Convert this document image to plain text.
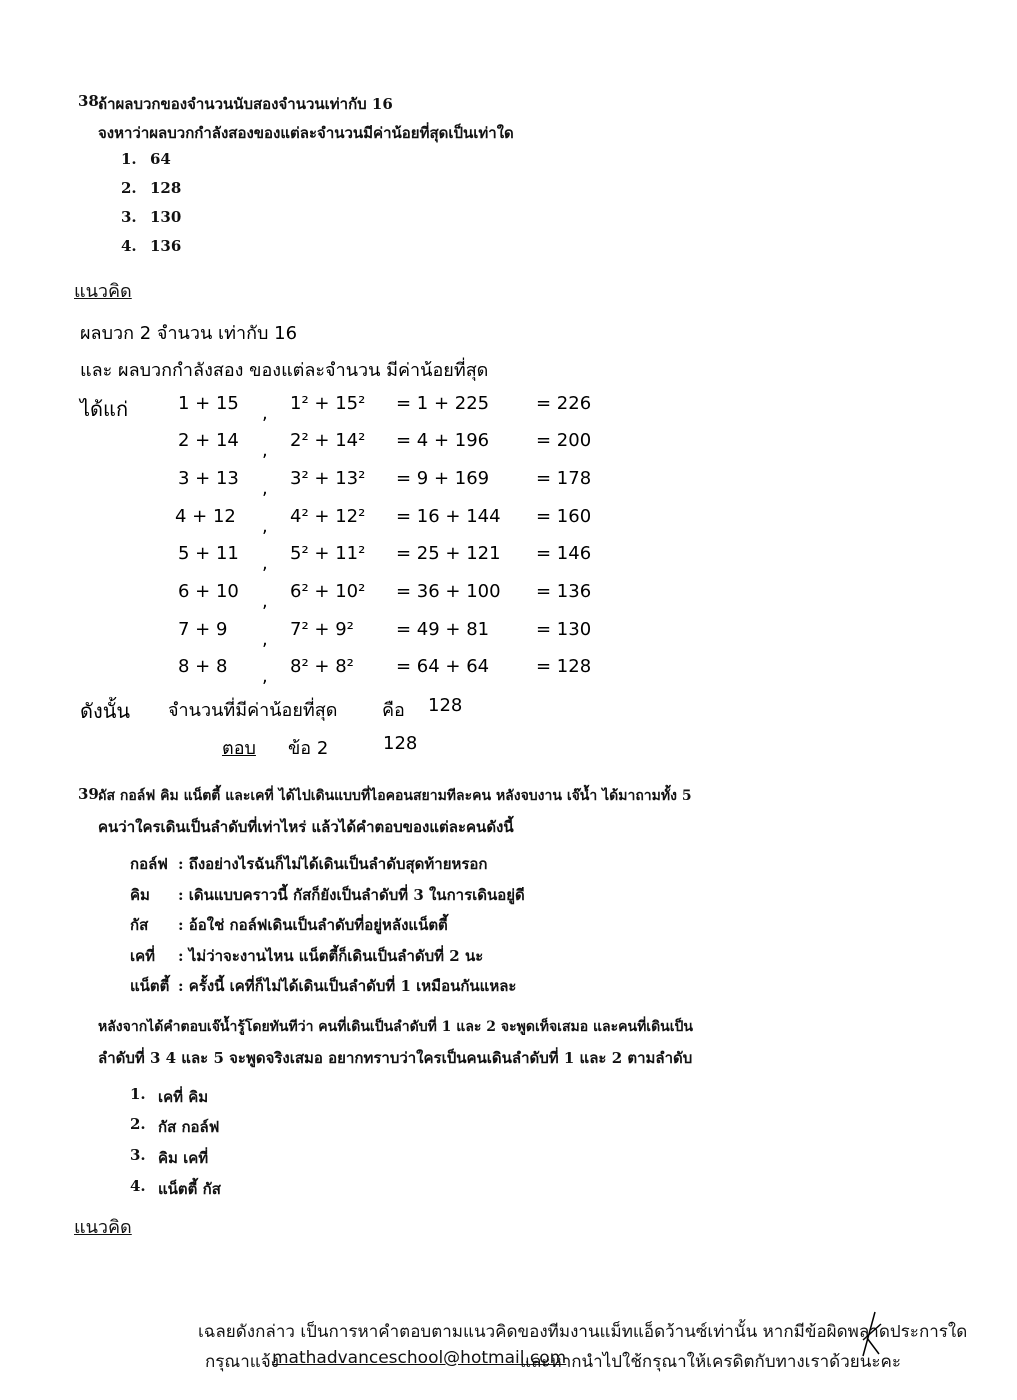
38.
ถ้าผลบวกของจำนวนนับสองจำนวนเท่ากับ 16
จงหาว่าผลบวกกำลังสองของแต่ละจำนวนมีค่าน้อยที่สุดเป็นเท่าใด
1. 64
2. 128
3. 130
4. 136
แนวคิด
ผลบวก 2 จำนวน เท่ากับ 16
และ ผลบวกกำลังสอง ของแต่ละจำนวน มีค่าน้อยที่สุด
ได้แก่	1 + 15 , 1² + 15² = 1 + 225	= 226
2 + 14 , 2² + 14² = 4 + 196	= 200
3 + 13 , 3² + 13² = 9 + 169	= 178
4 + 12 , 4² + 12² = 16 + 144 = 160
5 + 11 , 5² + 11² = 25 + 121 = 146
6 + 10 , 6² + 10² = 36 + 100 = 136
7 + 9 , 7² + 9² = 49 + 81	= 130
8 + 8 , 8² + 8² = 64 + 64	= 128
ดังนั้น จำนวนที่มีค่าน้อยที่สุด คือ 128
ตอบ ข้อ 2	128
39.
กัส กอล์ฟ คิม แน็ตตี้ และเคที่ ได้ไปเดินแบบที่ไอคอนสยามทีละคน หลังจบงาน เจ๊น้ำ ได้มาถามทั้ง 5
คนว่าใครเดินเป็นลำดับที่เท่าไหร่ แล้วได้คำตอบของแต่ละคนดังนี้
กอล์ฟ : ถึงอย่างไรฉันก็ไม่ได้เดินเป็นลำดับสุดท้ายหรอก
คิม : เดินแบบคราวนี้ กัสก็ยังเป็นลำดับที่ 3 ในการเดินอยู่ดี
กัส : อ้อใช่ กอล์ฟเดินเป็นลำดับที่อยู่หลังแน็ตตี้
เคที่ : ไม่ว่าจะงานไหน แน็ตตี้ก็เดินเป็นลำดับที่ 2 นะ
แน็ตตี้ : ครั้งนี้ เคที่ก็ไม่ได้เดินเป็นลำดับที่ 1 เหมือนกันแหละ
หลังจากได้คำตอบเจ๊น้ำรู้โดยทันทีว่า คนที่เดินเป็นลำดับที่ 1 และ 2 จะพูดเท็จเสมอ และคนที่เดินเป็น
ลำดับที่ 3 4 และ 5 จะพูดจริงเสมอ อยากทราบว่าใครเป็นคนเดินลำดับที่ 1 และ 2 ตามลำดับ
1. เคที่ คิม
2. กัส กอล์ฟ
3. คิม เคที่
4. แน็ตตี้ กัส
แนวคิด
เฉลยดังกล่าว เป็นการหาคำตอบตามแนวคิดของทีมงานแม็ทแอ็ดว้านซ์เท่านั้น หากมีข้อผิดพลาดประการใด
กรุณาแจ้ง
mathadvanceschool@hotmail.com
และหากนำไปใช้กรุณาให้เครดิตกับทางเราด้วยนะคะ
